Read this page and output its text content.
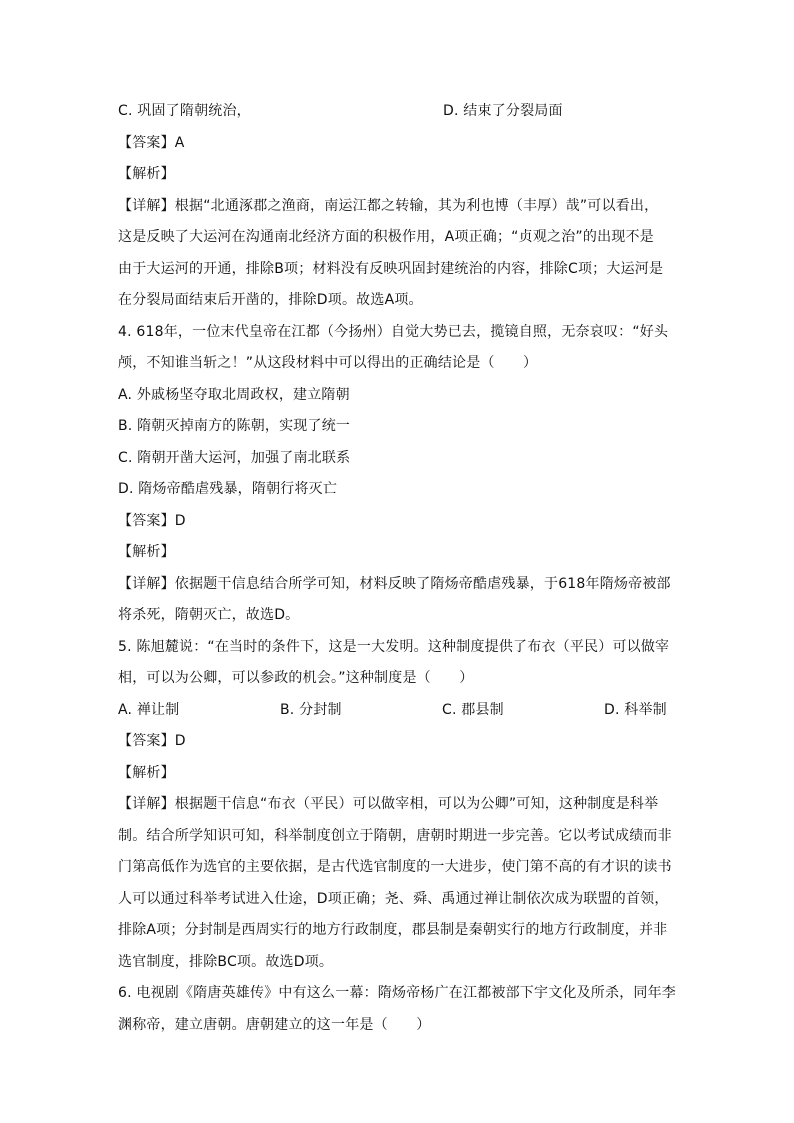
C. 巩固了隋朝统治，	D. 结束了分裂局面
【答案】A
【解析】
【详解】根据“北通涿郡之渔商，南运江都之转输，其为利也博（丰厚）哉”可以看出，
这是反映了大运河在沟通南北经济方面的积极作用，A项正确；“贞观之治”的出现不是
由于大运河的开通，排除B项；材料没有反映巩固封建统治的内容，排除C项；大运河是
在分裂局面结束后开凿的，排除D项。故选A项。
4. 618年，一位末代皇帝在江都（今扬州）自觉大势已去，揽镜自照，无奈哀叹：“好头
颅，不知谁当斩之！”从这段材料中可以得出的正确结论是（　　）
A. 外戚杨坚夺取北周政权，建立隋朝
B. 隋朝灭掉南方的陈朝，实现了统一
C. 隋朝开凿大运河，加强了南北联系
D. 隋炀帝酷虐残暴，隋朝行将灭亡
【答案】D
【解析】
【详解】依据题干信息结合所学可知，材料反映了隋炀帝酷虐残暴，于618年隋炀帝被部
将杀死，隋朝灭亡，故选D。
5. 陈旭麓说：“在当时的条件下，这是一大发明。这种制度提供了布衣（平民）可以做宰
相，可以为公卿，可以参政的机会。”这种制度是（　　）
A. 禅让制	B. 分封制	C. 郡县制	D. 科举制
【答案】D
【解析】
【详解】根据题干信息“布衣（平民）可以做宰相，可以为公卿”可知，这种制度是科举
制。结合所学知识可知，科举制度创立于隋朝，唐朝时期进一步完善。它以考试成绩而非
门第高低作为选官的主要依据，是古代选官制度的一大进步，使门第不高的有才识的读书
人可以通过科举考试进入仕途，D项正确；尧、舜、禹通过禅让制依次成为联盟的首领，
排除A项；分封制是西周实行的地方行政制度，郡县制是秦朝实行的地方行政制度，并非
选官制度，排除BC项。故选D项。
6. 电视剧《隋唐英雄传》中有这么一幕：隋炀帝杨广在江都被部下宇文化及所杀，同年李
渊称帝，建立唐朝。唐朝建立的这一年是（　　）
